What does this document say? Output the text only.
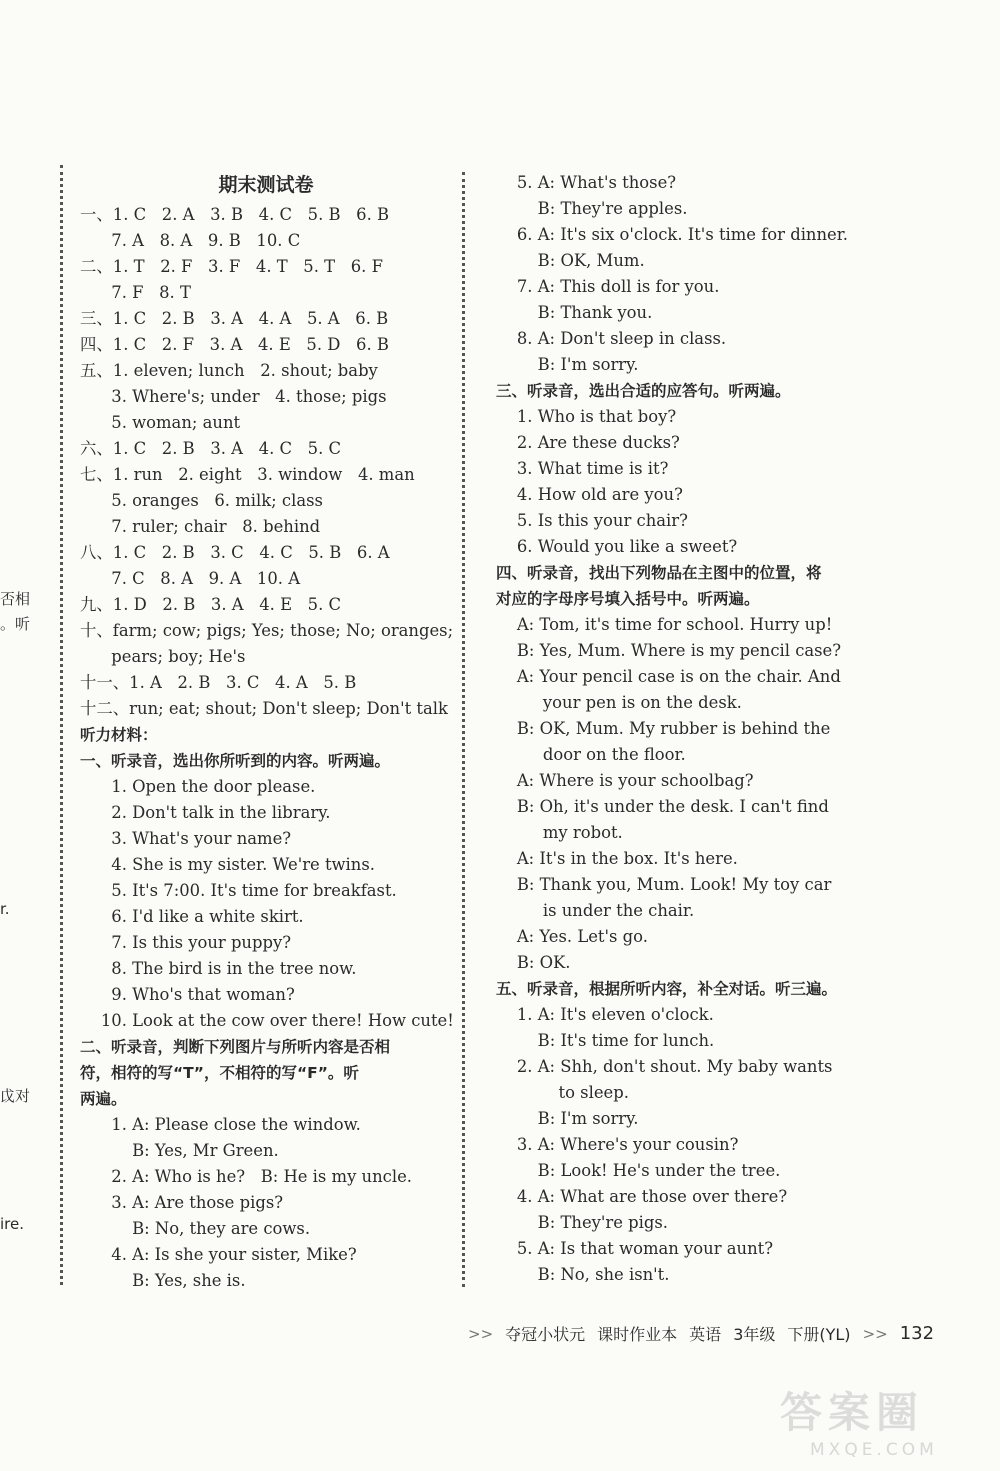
否相
。听
r.
戉对
ire.
期末测试卷
一、1. C   2. A   3. B   4. C   5. B   6. B
7. A   8. A   9. B   10. C
二、1. T   2. F   3. F   4. T   5. T   6. F
7. F   8. T
三、1. C   2. B   3. A   4. A   5. A   6. B
四、1. C   2. F   3. A   4. E   5. D   6. B
五、1. eleven; lunch   2. shout; baby
3. Where's; under   4. those; pigs
5. woman; aunt
六、1. C   2. B   3. A   4. C   5. C
七、1. run   2. eight   3. window   4. man
5. oranges   6. milk; class
7. ruler; chair   8. behind
八、1. C   2. B   3. C   4. C   5. B   6. A
7. C   8. A   9. A   10. A
九、1. D   2. B   3. A   4. E   5. C
十、farm; cow; pigs; Yes; those; No; oranges;
pears; boy; He's
十一、1. A   2. B   3. C   4. A   5. B
十二、run; eat; shout; Don't sleep; Don't talk
听力材料：
一、听录音，选出你所听到的内容。听两遍。
1. Open the door please.
2. Don't talk in the library.
3. What's your name?
4. She is my sister. We're twins.
5. It's 7:00. It's time for breakfast.
6. I'd like a white skirt.
7. Is this your puppy?
8. The bird is in the tree now.
9. Who's that woman?
10. Look at the cow over there! How cute!
二、听录音，判断下列图片与所听内容是否相
符，相符的写“T”，不相符的写“F”。听
两遍。
1. A: Please close the window.
B: Yes, Mr Green.
2. A: Who is he?   B: He is my uncle.
3. A: Are those pigs?
B: No, they are cows.
4. A: Is she your sister, Mike?
B: Yes, she is.
5. A: What's those?
B: They're apples.
6. A: It's six o'clock. It's time for dinner.
B: OK, Mum.
7. A: This doll is for you.
B: Thank you.
8. A: Don't sleep in class.
B: I'm sorry.
三、听录音，选出合适的应答句。听两遍。
1. Who is that boy?
2. Are these ducks?
3. What time is it?
4. How old are you?
5. Is this your chair?
6. Would you like a sweet?
四、听录音，找出下列物品在主图中的位置，将
对应的字母序号填入括号中。听两遍。
A: Tom, it's time for school. Hurry up!
B: Yes, Mum. Where is my pencil case?
A: Your pencil case is on the chair. And
your pen is on the desk.
B: OK, Mum. My rubber is behind the
door on the floor.
A: Where is your schoolbag?
B: Oh, it's under the desk. I can't find
my robot.
A: It's in the box. It's here.
B: Thank you, Mum. Look! My toy car
is under the chair.
A: Yes. Let's go.
B: OK.
五、听录音，根据所听内容，补全对话。听三遍。
1. A: It's eleven o'clock.
B: It's time for lunch.
2. A: Shh, don't shout. My baby wants
to sleep.
B: I'm sorry.
3. A: Where's your cousin?
B: Look! He's under the tree.
4. A: What are those over there?
B: They're pigs.
5. A: Is that woman your aunt?
B: No, she isn't.
>> 夺冠小状元 课时作业本 英语 3年级 下册(YL) >> 132
答案圈
MXQE.COM
